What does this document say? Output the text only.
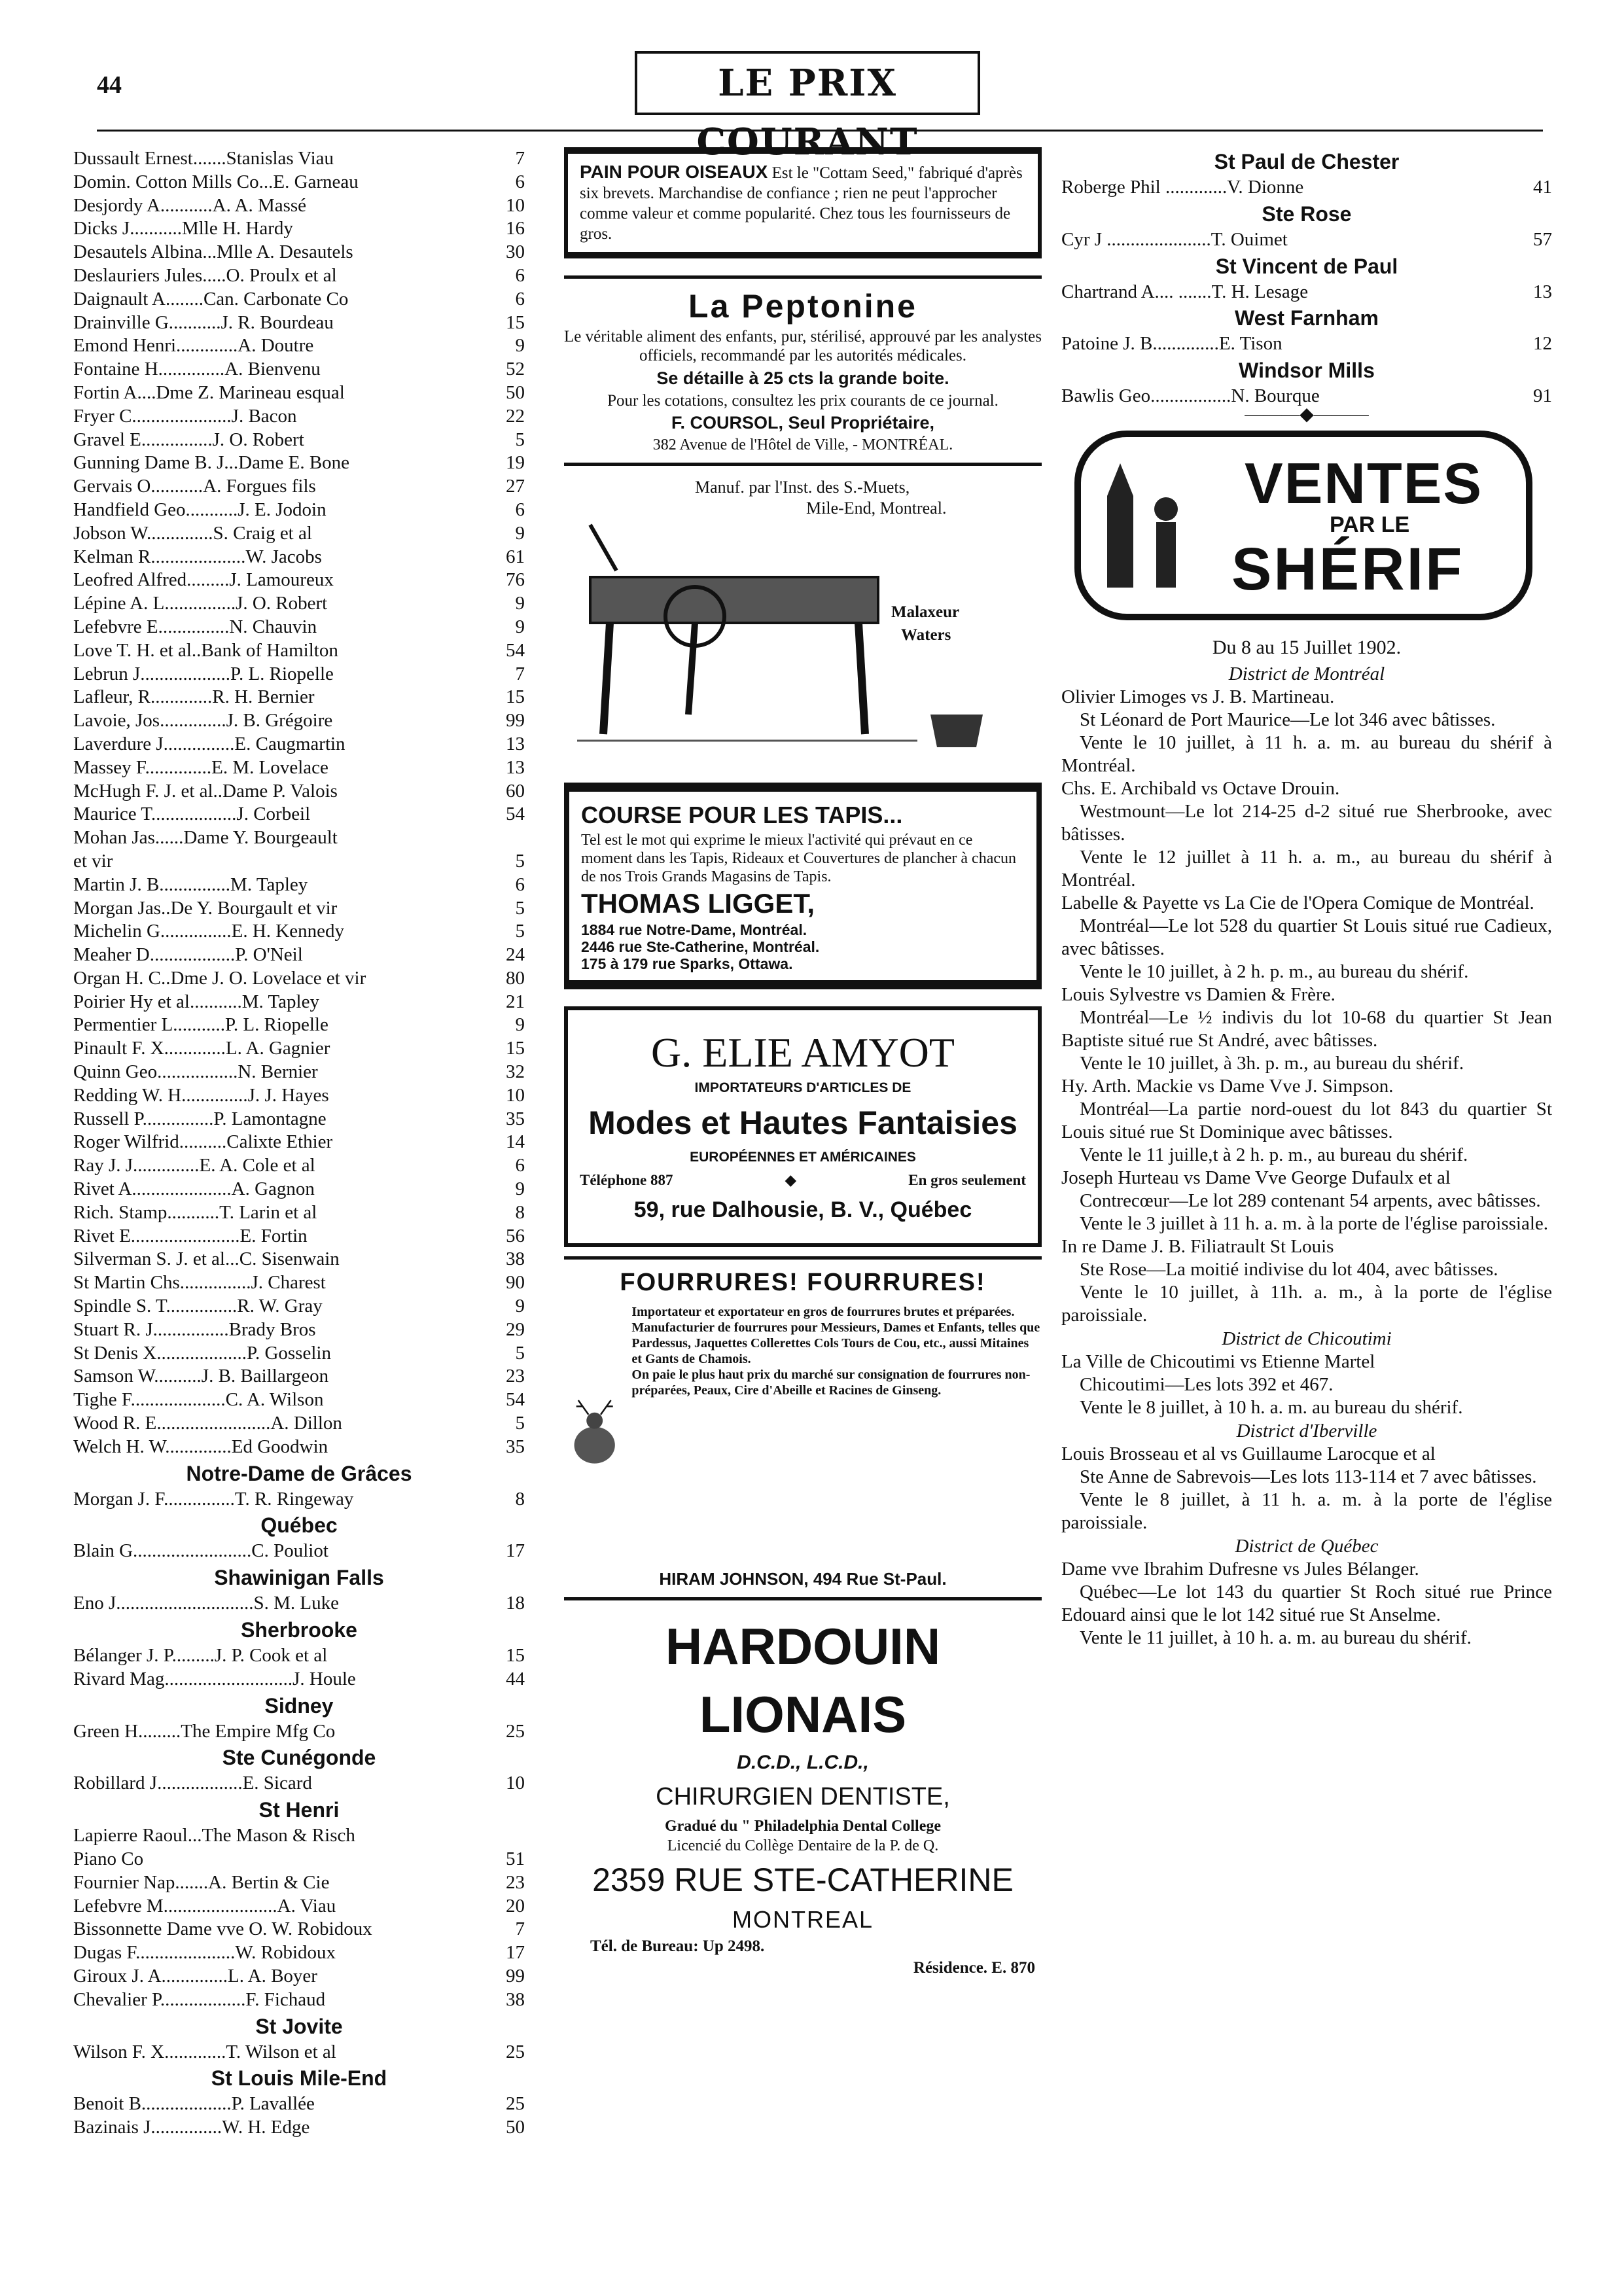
44	LE PRIX COURANT
Dussault Ernest.......Stanislas Viau	7
Domin. Cotton Mills Co...E. Garneau	6
Desjordy A...........A. A. Massé	10
Dicks J...........Mlle H. Hardy	16
Desautels Albina...Mlle A. Desautels	30
Deslauriers Jules.....O. Proulx et al	6
Daignault A........Can. Carbonate Co	6
Drainville G...........J. R. Bourdeau	15
Emond Henri.............A. Doutre	9
Fontaine H..............A. Bienvenu	52
Fortin A....Dme Z. Marineau esqual	50
Fryer C.....................J. Bacon	22
Gravel E...............J. O. Robert	5
Gunning Dame B. J...Dame E. Bone	19
Gervais O...........A. Forgues fils	27
Handfield Geo...........J. E. Jodoin	6
Jobson W..............S. Craig et al	9
Kelman R....................W. Jacobs	61
Leofred Alfred.........J. Lamoureux	76
Lépine A. L...............J. O. Robert	9
Lefebvre E...............N. Chauvin	9
Love T. H. et al..Bank of Hamilton	54
Lebrun J...................P. L. Riopelle	7
Lafleur, R.............R. H. Bernier	15
Lavoie, Jos..............J. B. Grégoire	99
Laverdure J...............E. Caugmartin	13
Massey F..............E. M. Lovelace	13
McHugh F. J. et al..Dame P. Valois	60
Maurice T..................J. Corbeil	54
Mohan Jas......Dame Y. Bourgeault
et vir	5
Martin J. B...............M. Tapley	6
Morgan Jas..De Y. Bourgault et vir	5
Michelin G...............E. H. Kennedy	5
Meaher D..................P. O'Neil	24
Organ H. C..Dme J. O. Lovelace et vir	80
Poirier Hy et al...........M. Tapley	21
Permentier L...........P. L. Riopelle	9
Pinault F. X.............L. A. Gagnier	15
Quinn Geo.................N. Bernier	32
Redding W. H..............J. J. Hayes	10
Russell P...............P. Lamontagne	35
Roger Wilfrid..........Calixte Ethier	14
Ray J. J..............E. A. Cole et al	6
Rivet A.....................A. Gagnon	9
Rich. Stamp...........T. Larin et al	8
Rivet E.......................E. Fortin	56
Silverman S. J. et al...C. Sisenwain	38
St Martin Chs...............J. Charest	90
Spindle S. T...............R. W. Gray	9
Stuart R. J................Brady Bros	29
St Denis X...................P. Gosselin	5
Samson W..........J. B. Baillargeon	23
Tighe F....................C. A. Wilson	54
Wood R. E........................A. Dillon	5
Welch H. W..............Ed Goodwin	35
Notre-Dame de Grâces
Morgan J. F...............T. R. Ringeway	8
Québec
Blain G.........................C. Pouliot	17
Shawinigan Falls
Eno J.............................S. M. Luke	18
Sherbrooke
Bélanger J. P.........J. P. Cook et al	15
Rivard Mag...........................J. Houle	44
Sidney
Green H.........The Empire Mfg Co	25
Ste Cunégonde
Robillard J..................E. Sicard	10
St Henri
Lapierre Raoul...The Mason & Risch
Piano Co	51
Fournier Nap.......A. Bertin & Cie	23
Lefebvre M........................A. Viau	20
Bissonnette Dame vve O. W. Robidoux	7
Dugas F.....................W. Robidoux	17
Giroux J. A..............L. A. Boyer	99
Chevalier P..................F. Fichaud	38
St Jovite
Wilson F. X.............T. Wilson et al	25
St Louis Mile-End
Benoit B...................P. Lavallée	25
Bazinais J...............W. H. Edge	50
PAIN POUR OISEAUX Est le "Cottam Seed," fabriqué d'après six brevets. Marchandise de confiance ; rien ne peut l'approcher comme valeur et comme popularité. Chez tous les fournisseurs de gros.
La Peptonine
Le véritable aliment des enfants, pur, stérilisé, approuvé par les analystes officiels, recommandé par les autorités médicales.
Se détaille à 25 cts la grande boite.
Pour les cotations, consultez les prix courants de ce journal.
F. COURSOL, Seul Propriétaire,
382 Avenue de l'Hôtel de Ville, - MONTRÉAL.
Manuf. par l'Inst. des S.-Muets,
Mile-End, Montreal.
Malaxeur
Waters
COURSE POUR LES TAPIS...
Tel est le mot qui exprime le mieux l'activité qui prévaut en ce moment dans les Tapis, Rideaux et Couvertures de plancher à chacun de nos Trois Grands Magasins de Tapis.
THOMAS LIGGET,
1884 rue Notre-Dame, Montréal.
2446 rue Ste-Catherine, Montréal.
175 à 179 rue Sparks, Ottawa.
G. ELIE AMYOT
IMPORTATEURS D'ARTICLES DE
Modes et Hautes Fantaisies
EUROPÉENNES ET AMÉRICAINES
Téléphone 887	◆	En gros seulement
59, rue Dalhousie, B. V., Québec
FOURRURES! FOURRURES!
Importateur et exportateur en gros de fourrures brutes et préparées. Manufacturier de fourrures pour Messieurs, Dames et Enfants, telles que Pardessus, Jaquettes Collerettes Cols Tours de Cou, etc., aussi Mitaines et Gants de Chamois.
On paie le plus haut prix du marché sur consignation de fourrures non-préparées, Peaux, Cire d'Abeille et Racines de Ginseng.
HIRAM JOHNSON, 494 Rue St-Paul.
HARDOUIN LIONAIS
D.C.D., L.C.D.,
CHIRURGIEN DENTISTE,
Gradué du " Philadelphia Dental College
Licencié du Collège Dentaire de la P. de Q.
2359 RUE STE-CATHERINE
MONTREAL
Tél. de Bureau: Up 2498.
Résidence. E. 870
St Paul de Chester
Roberge Phil .............V. Dionne	41
Ste Rose
Cyr J ......................T. Ouimet	57
St Vincent de Paul
Chartrand A.... .......T. H. Lesage	13
West Farnham
Patoine J. B..............E. Tison	12
Windsor Mills
Bawlis Geo.................N. Bourque	91
———◆———
VENTES
PAR LE
SHÉRIF
Du 8 au 15 Juillet 1902.
District de Montréal
Olivier Limoges vs J. B. Martineau.
St Léonard de Port Maurice—Le lot 346 avec bâtisses.
Vente le 10 juillet, à 11 h. a. m. au bureau du shérif à Montréal.
Chs. E. Archibald vs Octave Drouin.
Westmount—Le lot 214-25 d-2 situé rue Sherbrooke, avec bâtisses.
Vente le 12 juillet à 11 h. a. m., au bureau du shérif à Montréal.
Labelle & Payette vs La Cie de l'Opera Comique de Montréal.
Montréal—Le lot 528 du quartier St Louis situé rue Cadieux, avec bâtisses.
Vente le 10 juillet, à 2 h. p. m., au bureau du shérif.
Louis Sylvestre vs Damien & Frère.
Montréal—Le ½ indivis du lot 10-68 du quartier St Jean Baptiste situé rue St André, avec bâtisses.
Vente le 10 juillet, à 3h. p. m., au bureau du shérif.
Hy. Arth. Mackie vs Dame Vve J. Simpson.
Montréal—La partie nord-ouest du lot 843 du quartier St Louis situé rue St Dominique avec bâtisses.
Vente le 11 juille,t à 2 h. p. m., au bureau du shérif.
Joseph Hurteau vs Dame Vve George Dufaulx et al
Contrecœur—Le lot 289 contenant 54 arpents, avec bâtisses.
Vente le 3 juillet à 11 h. a. m. à la porte de l'église paroissiale.
In re Dame J. B. Filiatrault St Louis
Ste Rose—La moitié indivise du lot 404, avec bâtisses.
Vente le 10 juillet, à 11h. a. m., à la porte de l'église paroissiale.
District de Chicoutimi
La Ville de Chicoutimi vs Etienne Martel
Chicoutimi—Les lots 392 et 467.
Vente le 8 juillet, à 10 h. a. m. au bureau du shérif.
District d'Iberville
Louis Brosseau et al vs Guillaume Larocque et al
Ste Anne de Sabrevois—Les lots 113-114 et 7 avec bâtisses.
Vente le 8 juillet, à 11 h. a. m. à la porte de l'église paroissiale.
District de Québec
Dame vve Ibrahim Dufresne vs Jules Bélanger.
Québec—Le lot 143 du quartier St Roch situé rue Prince Edouard ainsi que le lot 142 situé rue St Anselme.
Vente le 11 juillet, à 10 h. a. m. au bureau du shérif.
